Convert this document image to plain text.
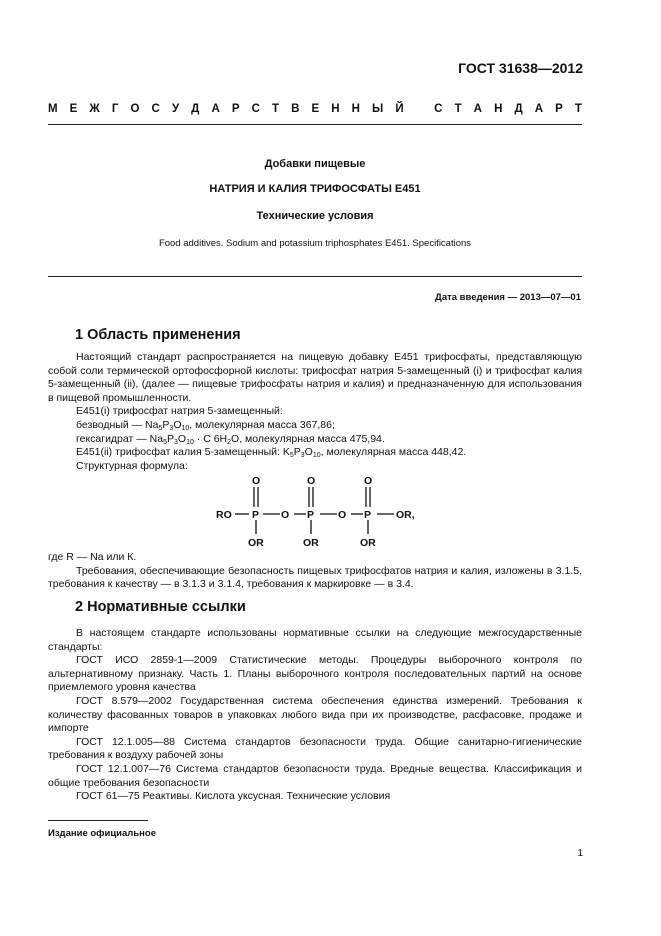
ГОСТ 31638—2012
М Е Ж Г О С У Д А Р С Т В Е Н Н Ы Й
	С Т А Н Д А Р Т
Добавки пищевые
НАТРИЯ И КАЛИЯ ТРИФОСФАТЫ Е451
Технические условия
Food additives. Sodium and potassium triphosphates E451. Specifications
Дата введения — 2013—07—01
1 Область применения

Настоящий стандарт распространяется на пищевую добавку Е451 трифосфаты, представляющую собой соли термической ортофосфорной кислоты: трифосфат натрия 5-замещенный (i) и трифосфат калия 5-замещенный (ii), (далее — пищевые трифосфаты натрия и калия) и предназначенную для использования в пищевой промышленности.

Е451(i) трифосфат натрия 5-замещенный:

безводный — $Na_5P_3O_{10}$, молекулярная масса 367,86;

гексагидрат — $Na_5P_3O_{10} \cdot С$ $6H_2O$, молекулярная масса 475,94.

Е451(ii) трифосфат калия 5-замещенный: $K_5P_3O_{10}$, молекулярная масса 448,42.

Структурная формула:

RO P	P	P
O	O	OR,
O	O	O
OR	OR	OR

где R — Na или К.

Требования, обеспечивающие безопасность пищевых трифосфатов натрия и калия, изложены в 3.1.5, требования к качеству — в 3.1.3 и 3.1.4, требования к маркировке — в 3.4.

2 Нормативные ссылки

В настоящем стандарте использованы нормативные ссылки на следующие межгосударственные стандарты:

ГОСТ ИСО 2859-1—2009 Статистические методы. Процедуры выборочного контроля по альтернативному признаку. Часть 1. Планы выборочного контроля последовательных партий на основе приемлемого уровня качества

ГОСТ 8.579—2002 Государственная система обеспечения единства измерений. Требования к количеству фасованных товаров в упаковках любого вида при их производстве, расфасовке, продаже и импорте

ГОСТ 12.1.005—88 Система стандартов безопасности труда. Общие санитарно-гигиенические требования к воздуху рабочей зоны

ГОСТ 12.1.007—76 Система стандартов безопасности труда. Вредные вещества. Классификация и общие требования безопасности

ГОСТ 61—75 Реактивы. Кислота уксусная. Технические условия

Издание официальное
1
